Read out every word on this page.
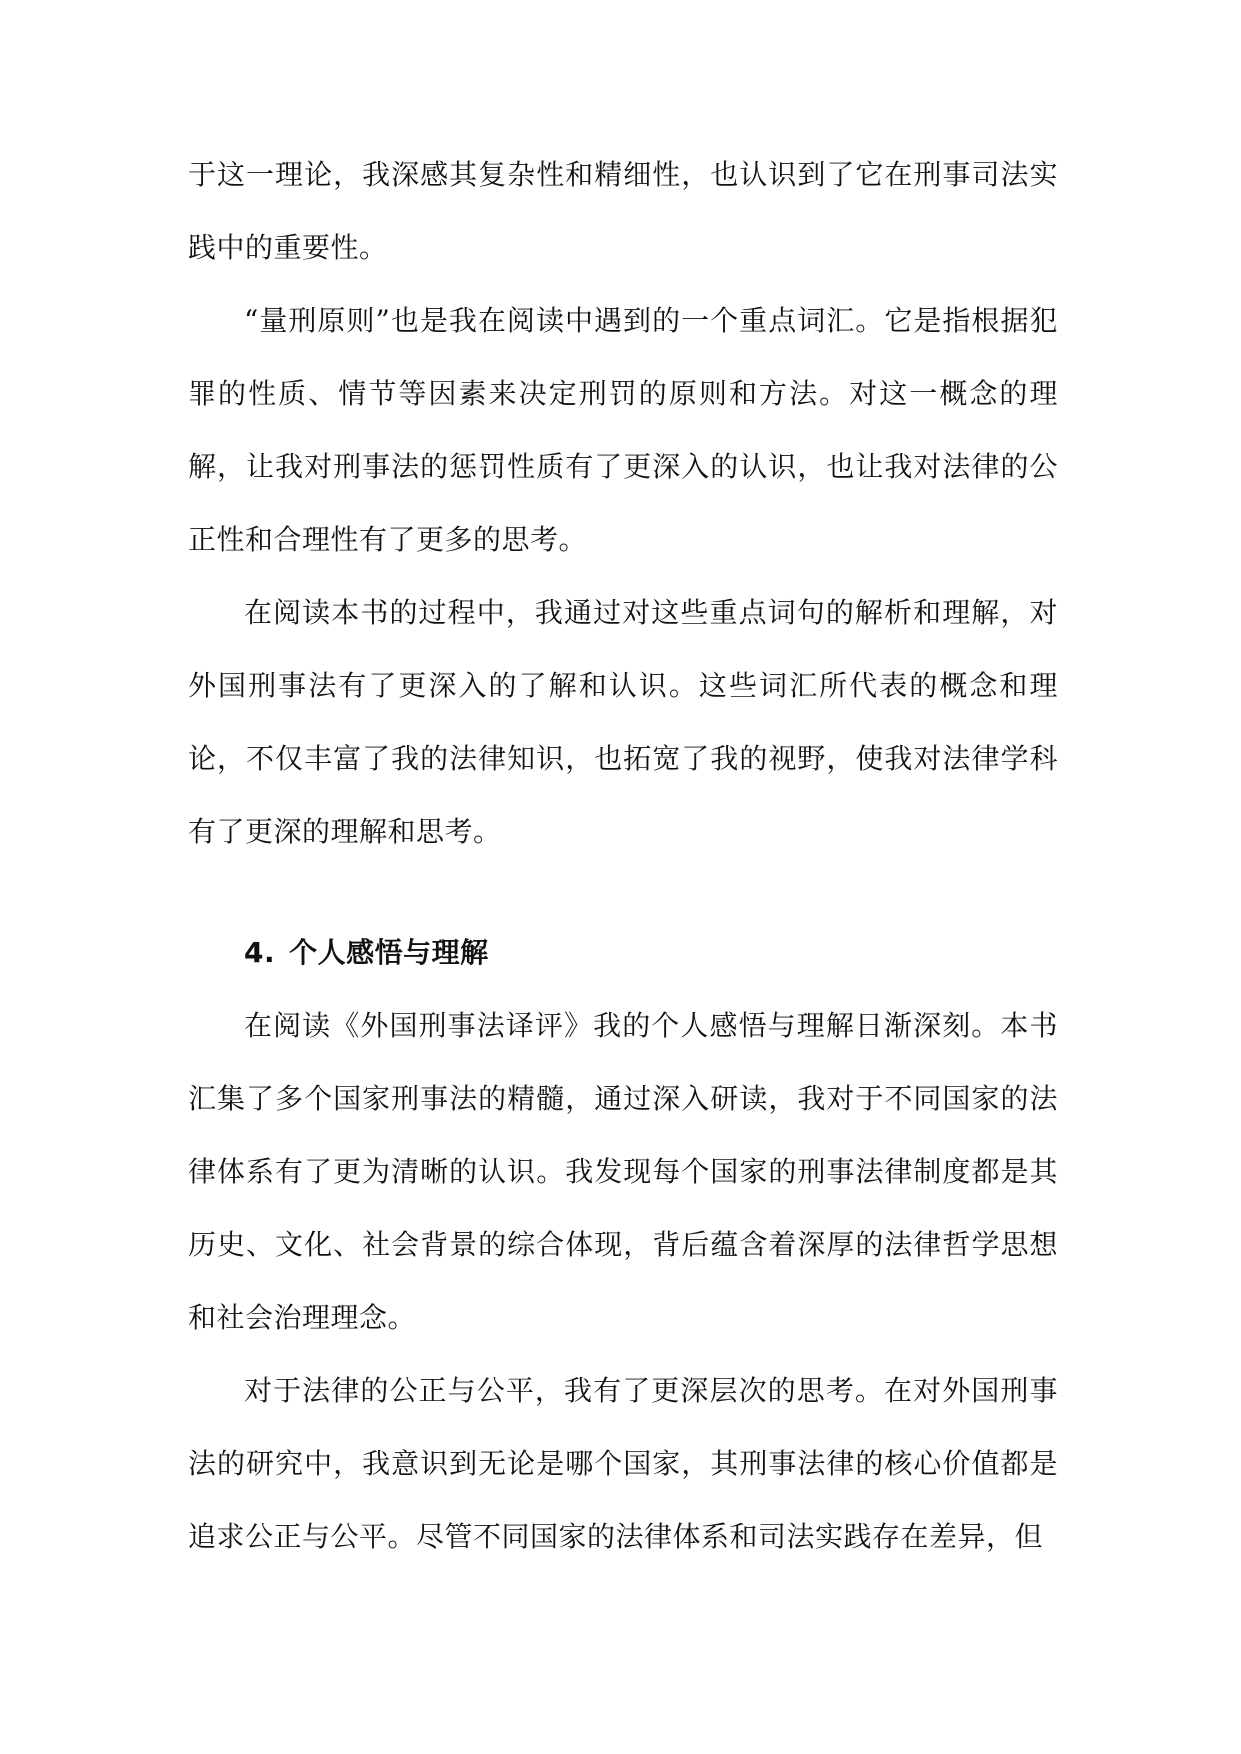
于这一理论，我深感其复杂性和精细性，也认识到了它在刑事司法实践中的重要性。

“量刑原则”也是我在阅读中遇到的一个重点词汇。它是指根据犯罪的性质、情节等因素来决定刑罚的原则和方法。对这一概念的理解，让我对刑事法的惩罚性质有了更深入的认识，也让我对法律的公正性和合理性有了更多的思考。

在阅读本书的过程中，我通过对这些重点词句的解析和理解，对外国刑事法有了更深入的了解和认识。这些词汇所代表的概念和理论，不仅丰富了我的法律知识，也拓宽了我的视野，使我对法律学科有了更深的理解和思考。

4. 个人感悟与理解

在阅读《外国刑事法译评》我的个人感悟与理解日渐深刻。本书汇集了多个国家刑事法的精髓，通过深入研读，我对于不同国家的法律体系有了更为清晰的认识。我发现每个国家的刑事法律制度都是其历史、文化、社会背景的综合体现，背后蕴含着深厚的法律哲学思想和社会治理理念。

对于法律的公正与公平，我有了更深层次的思考。在对外国刑事法的研究中，我意识到无论是哪个国家，其刑事法律的核心价值都是追求公正与公平。尽管不同国家的法律体系和司法实践存在差异，但
